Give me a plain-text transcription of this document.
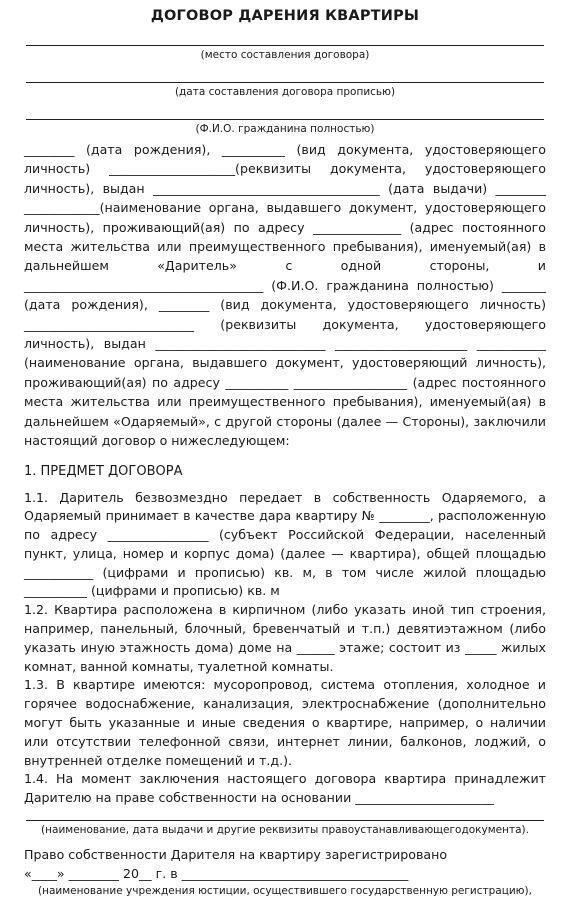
ДОГОВОР ДАРЕНИЯ КВАРТИРЫ
(место составления договора)
(дата составления договора прописью)
(Ф.И.О. гражданина полностью)

________ (дата рождения), __________ (вид документа, удостоверяющего личность) ____________________(реквизиты документа, удостоверяющего личность), выдан ____________________________________ (дата выдачи) ________ ____________(наименование органа, выдавшего документ, удостоверяющего личность), проживающий(ая) по адресу ______________ (адрес постоянного места жительства или преимущественного пребывания), именуемый(ая) в дальнейшем «Даритель» с одной стороны, и ______________________________________ (Ф.И.О. гражданина полностью) _______ (дата рождения), ________ (вид документа, удостоверяющего личность) ___________________________ (реквизиты документа, удостоверяющего личность), выдан ___________________________ _____________________ ___________ (наименование органа, выдавшего документ, удостоверяющий личность), проживающий(ая) по адресу __________ __________________ (адрес постоянного места жительства или преимущественного пребывания), именуемый(ая) в дальнейшем «Одаряемый», с другой стороны (далее — Стороны), заключили настоящий договор о нижеследующем:

1. ПРЕДМЕТ ДОГОВОРА

1.1. Даритель безвозмездно передает в собственность Одаряемого, а Одаряемый принимает в качестве дара квартиру № ________, расположенную по адресу ________________ (субъект Российской Федерации, населенный пункт, улица, номер и корпус дома) (далее — квартира), общей площадью ___________ (цифрами и прописью) кв. м, в том числе жилой площадью __________ (цифрами и прописью) кв. м

1.2. Квартира расположена в кирпичном (либо указать иной тип строения, например, панельный, блочный, бревенчатый и т.п.) девятиэтажном (либо указать иную этажность дома) доме на ______ этаже; состоит из _____ жилых комнат, ванной комнаты, туалетной комнаты.

1.3. В квартире имеются: мусоропровод, система отопления, холодное и горячее водоснабжение, канализация, электроснабжение (дополнительно могут быть указанные и иные сведения о квартире, например, о наличии или отсутствии телефонной связи, интернет линии, балконов, лоджий, о внутренней отделке помещений и т.д.).

1.4. На момент заключения настоящего договора квартира принадлежит Дарителю на праве собственности на основании ______________________

(наименование, дата выдачи и другие реквизиты правоустанавливающегодокумента).

Право собственности Дарителя на квартиру зарегистрировано

«____» ________ 20__ г. в ____________________________________

(наименование учреждения юстиции, осуществившего государственную регистрацию),
